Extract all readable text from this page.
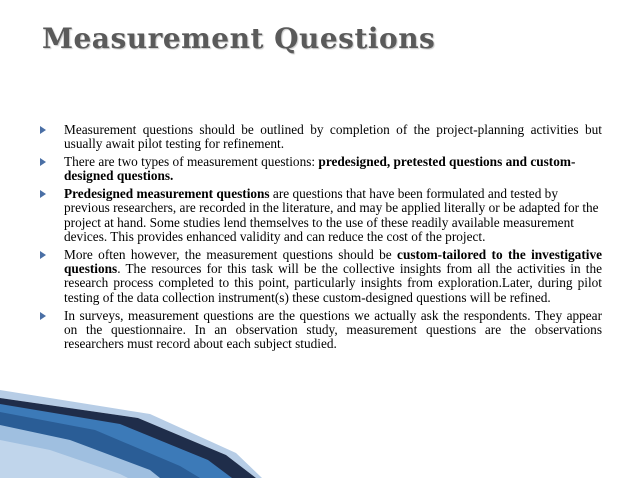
Measurement Questions
Measurement questions should be outlined by completion of the project-planning activities but usually await pilot testing for refinement.
There are two types of measurement questions: predesigned, pretested questions and custom-designed questions.
Predesigned measurement questions are questions that have been formulated and tested by previous researchers, are recorded in the literature, and may be applied literally or be adapted for the project at hand. Some studies lend themselves to the use of these readily available measurement devices. This provides enhanced validity and can reduce the cost of the project.
More often however, the measurement questions should be custom-tailored to the investigative questions. The resources for this task will be the collective insights from all the activities in the research process completed to this point, particularly insights from exploration.Later, during pilot testing of the data collection instrument(s) these custom-designed questions will be refined.
In surveys, measurement questions are the questions we actually ask the respondents. They appear on the questionnaire. In an observation study, measurement questions are the observations researchers must record about each subject studied.
